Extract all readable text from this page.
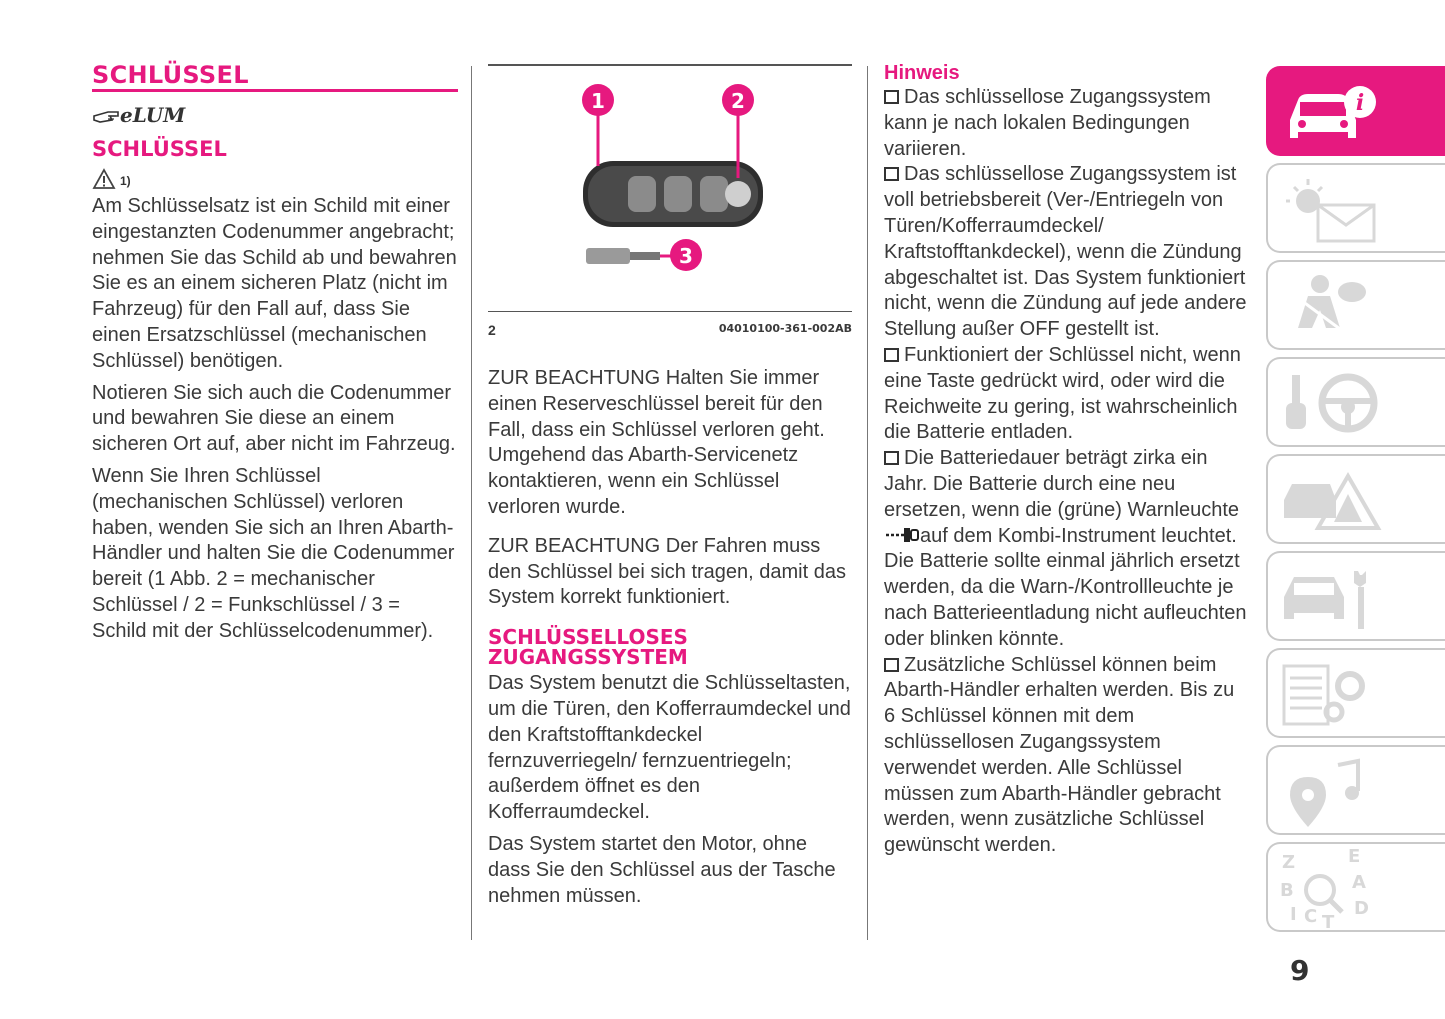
SCHLÜSSEL
eLUM
SCHLÜSSEL
1)

Am Schlüsselsatz ist ein Schild mit einer eingestanzten Codenummer angebracht; nehmen Sie das Schild ab und bewahren Sie es an einem sicheren Platz (nicht im Fahrzeug) für den Fall auf, dass Sie einen Ersatzschlüssel (mechanischen Schlüssel) benötigen.

Notieren Sie sich auch die Codenummer und bewahren Sie diese an einem sicheren Ort auf, aber nicht im Fahrzeug.

Wenn Sie Ihren Schlüssel (mechanischen Schlüssel) verloren haben, wenden Sie sich an Ihren Abarth-Händler und halten Sie die Codenummer bereit (1 Abb. 2 = mechanischer Schlüssel / 2 = Funkschlüssel / 3 = Schild mit der Schlüsselcodenummer).

1	2
3
2	04010100-361-002AB

ZUR BEACHTUNG Halten Sie immer einen Reserveschlüssel bereit für den Fall, dass ein Schlüssel verloren geht. Umgehend das Abarth-Servicenetz kontaktieren, wenn ein Schlüssel verloren wurde.

ZUR BEACHTUNG Der Fahren muss den Schlüssel bei sich tragen, damit das System korrekt funktioniert.

SCHLÜSSELLOSES
ZUGANGSSYSTEM

Das System benutzt die Schlüsseltasten, um die Türen, den Kofferraumdeckel und den Kraftstofftankdeckel fernzuverriegeln/ fernzuentriegeln; außerdem öffnet es den Kofferraumdeckel.

Das System startet den Motor, ohne dass Sie den Schlüssel aus der Tasche nehmen müssen.

Hinweis

Das schlüssellose Zugangssystem kann je nach lokalen Bedingungen variieren.

Das schlüssellose Zugangssystem ist voll betriebsbereit (Ver-/Entriegeln von Türen/Kofferraumdeckel/ Kraftstofftankdeckel), wenn die Zündung abgeschaltet ist. Das System funktioniert nicht, wenn die Zündung auf jede andere Stellung außer OFF gestellt ist.

Funktioniert der Schlüssel nicht, wenn eine Taste gedrückt wird, oder wird die Reichweite zu gering, ist wahrscheinlich die Batterie entladen.

Die Batteriedauer beträgt zirka ein Jahr. Die Batterie durch eine neu ersetzen, wenn die (grüne) Warnleuchte auf dem Kombi-Instrument leuchtet. Die Batterie sollte einmal jährlich ersetzt werden, da die Warn-/Kontrollleuchte je nach Batterieentladung nicht aufleuchten oder blinken könnte.

Zusätzliche Schlüssel können beim Abarth-Händler erhalten werden. Bis zu 6 Schlüssel können mit dem schlüssellosen Zugangssystem verwendet werden. Alle Schlüssel müssen zum Abarth-Händler gebracht werden, wenn zusätzliche Schlüssel gewünscht werden.

i
Z	E
A
B
I C T
D
9
